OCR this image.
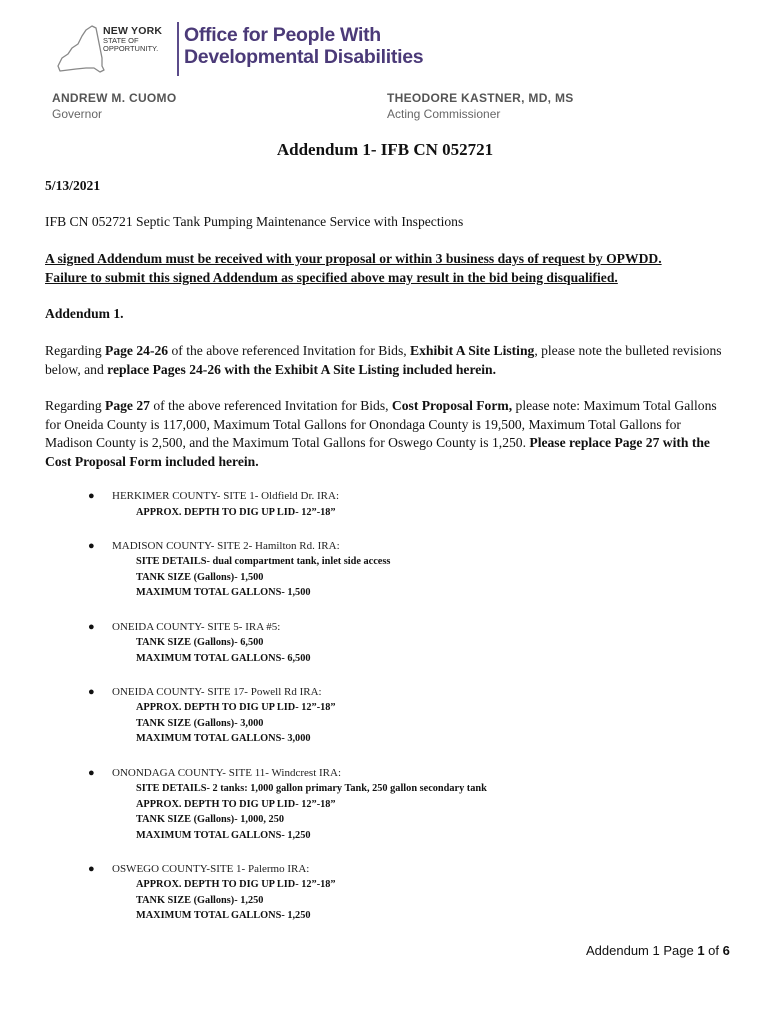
NEW YORK
STATE OF
OPPORTUNITY.
Office for People With
Developmental Disabilities
ANDREW M. CUOMO
Governor
THEODORE KASTNER, MD, MS
Acting Commissioner
Addendum 1- IFB CN 052721
5/13/2021
IFB CN 052721 Septic Tank Pumping Maintenance Service with Inspections
A signed Addendum must be received with your proposal or within 3 business days of request by OPWDD.
Failure to submit this signed Addendum as specified above may result in the bid being disqualified.
Addendum 1.
Regarding Page 24-26 of the above referenced Invitation for Bids, Exhibit A Site Listing, please note the bulleted revisions below, and replace Pages 24-26 with the Exhibit A Site Listing included herein.
Regarding Page 27 of the above referenced Invitation for Bids, Cost Proposal Form, please note: Maximum Total Gallons for Oneida County is 117,000, Maximum Total Gallons for Onondaga County is 19,500, Maximum Total Gallons for Madison County is 2,500, and the Maximum Total Gallons for Oswego County is 1,250. Please replace Page 27 with the Cost Proposal Form included herein.
● HERKIMER COUNTY- SITE 1- Oldfield Dr. IRA:
APPROX. DEPTH TO DIG UP LID- 12”-18”
● MADISON COUNTY- SITE 2- Hamilton Rd. IRA:
SITE DETAILS- dual compartment tank, inlet side access
TANK SIZE (Gallons)- 1,500
MAXIMUM TOTAL GALLONS- 1,500
● ONEIDA COUNTY- SITE 5- IRA #5:
TANK SIZE (Gallons)- 6,500
MAXIMUM TOTAL GALLONS- 6,500
● ONEIDA COUNTY- SITE 17- Powell Rd IRA:
APPROX. DEPTH TO DIG UP LID- 12”-18”
TANK SIZE (Gallons)- 3,000
MAXIMUM TOTAL GALLONS- 3,000
● ONONDAGA COUNTY- SITE 11- Windcrest IRA:
SITE DETAILS- 2 tanks: 1,000 gallon primary Tank, 250 gallon secondary tank
APPROX. DEPTH TO DIG UP LID- 12”-18”
TANK SIZE (Gallons)- 1,000, 250
MAXIMUM TOTAL GALLONS- 1,250
● OSWEGO COUNTY-SITE 1- Palermo IRA:
APPROX. DEPTH TO DIG UP LID- 12”-18”
TANK SIZE (Gallons)- 1,250
MAXIMUM TOTAL GALLONS- 1,250
Addendum 1 Page 1 of 6
